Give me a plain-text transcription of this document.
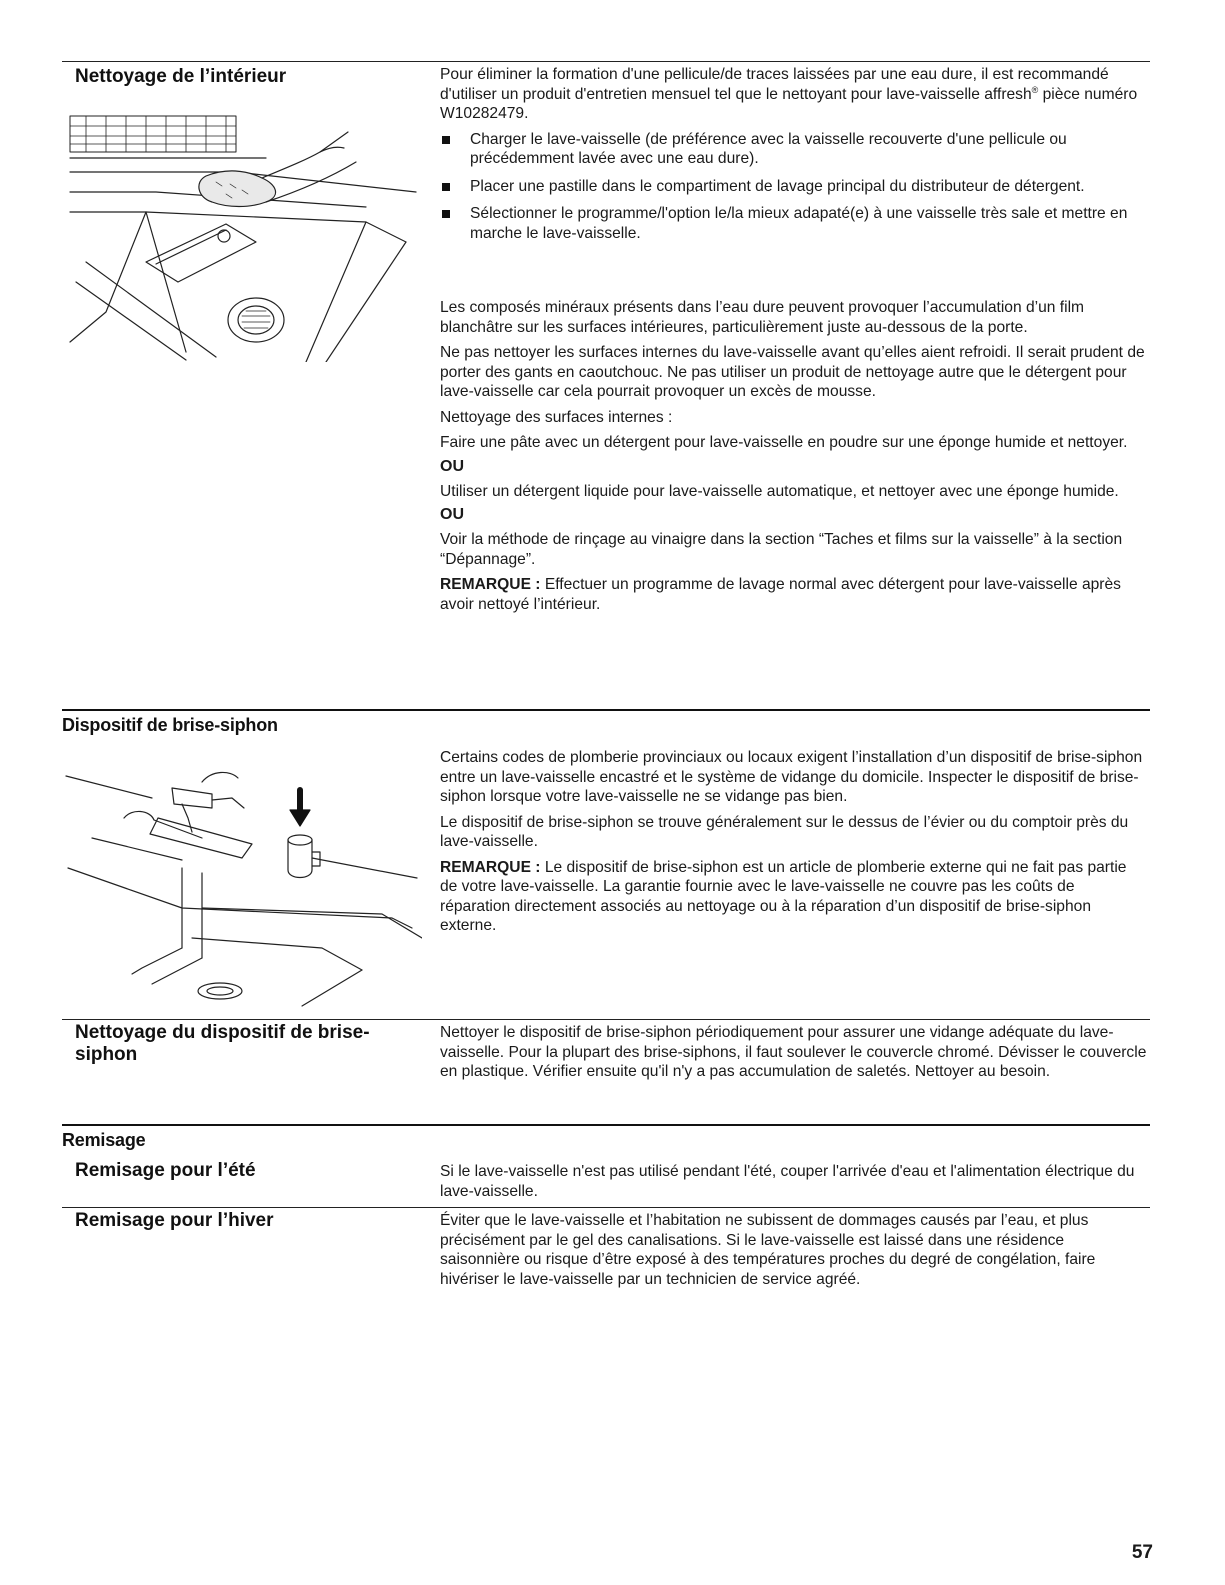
Nettoyage de l’intérieur	Pour éliminer la formation d'une pellicule/de traces laissées par une eau dure, il est recommandé d'utiliser un produit d'entretien mensuel tel que le nettoyant pour lave-vaisselle affresh® pièce numéro W10282479.

Charger le lave-vaisselle (de préférence avec la vaisselle recouverte d'une pellicule ou précédemment lavée avec une eau dure).
Placer une pastille dans le compartiment de lavage principal du distributeur de détergent.
Sélectionner le programme/l'option le/la mieux adapaté(e) à une vaisselle très sale et mettre en marche le lave-vaisselle.

Les composés minéraux présents dans l’eau dure peuvent provoquer l’accumulation d’un film blanchâtre sur les surfaces intérieures, particulièrement juste au-dessous de la porte.

Ne pas nettoyer les surfaces internes du lave-vaisselle avant qu’elles aient refroidi. Il serait prudent de porter des gants en caoutchouc. Ne pas utiliser un produit de nettoyage autre que le détergent pour lave-vaisselle car cela pourrait provoquer un excès de mousse.

Nettoyage des surfaces internes :

Faire une pâte avec un détergent pour lave-vaisselle en poudre sur une éponge humide et nettoyer.

OU

Utiliser un détergent liquide pour lave-vaisselle automatique, et nettoyer avec une éponge humide.

OU

Voir la méthode de rinçage au vinaigre dans la section “Taches et films sur la vaisselle” à la section “Dépannage”.

REMARQUE : Effectuer un programme de lavage normal avec détergent pour lave-vaisselle après avoir nettoyé l’intérieur.

Dispositif de brise-siphon

Certains codes de plomberie provinciaux ou locaux exigent l’installation d’un dispositif de brise-siphon entre un lave-vaisselle encastré et le système de vidange du domicile. Inspecter le dispositif de brise-siphon lorsque votre lave-vaisselle ne se vidange pas bien.

Le dispositif de brise-siphon se trouve généralement sur le dessus de l’évier ou du comptoir près du lave-vaisselle.

REMARQUE : Le dispositif de brise-siphon est un article de plomberie externe qui ne fait pas partie de votre lave-vaisselle. La garantie fournie avec le lave-vaisselle ne couvre pas les coûts de réparation directement associés au nettoyage ou à la réparation d’un dispositif de brise-siphon externe.

Nettoyage du dispositif de brise-siphon

Nettoyer le dispositif de brise-siphon périodiquement pour assurer une vidange adéquate du lave-vaisselle. Pour la plupart des brise-siphons, il faut soulever le couvercle chromé. Dévisser le couvercle en plastique. Vérifier ensuite qu'il n'y a pas accumulation de saletés. Nettoyer au besoin.

Remisage
Remisage pour l’été	Si le lave-vaisselle n'est pas utilisé pendant l'été, couper l'arrivée d'eau et l'alimentation électrique du lave-vaisselle.

Remisage pour l’hiver	Éviter que le lave-vaisselle et l’habitation ne subissent de dommages causés par l’eau, et plus précisément par le gel des canalisations. Si le lave-vaisselle est laissé dans une résidence saisonnière ou risque d’être exposé à des températures proches du degré de congélation, faire hivériser le lave-vaisselle par un technicien de service agréé.

57
